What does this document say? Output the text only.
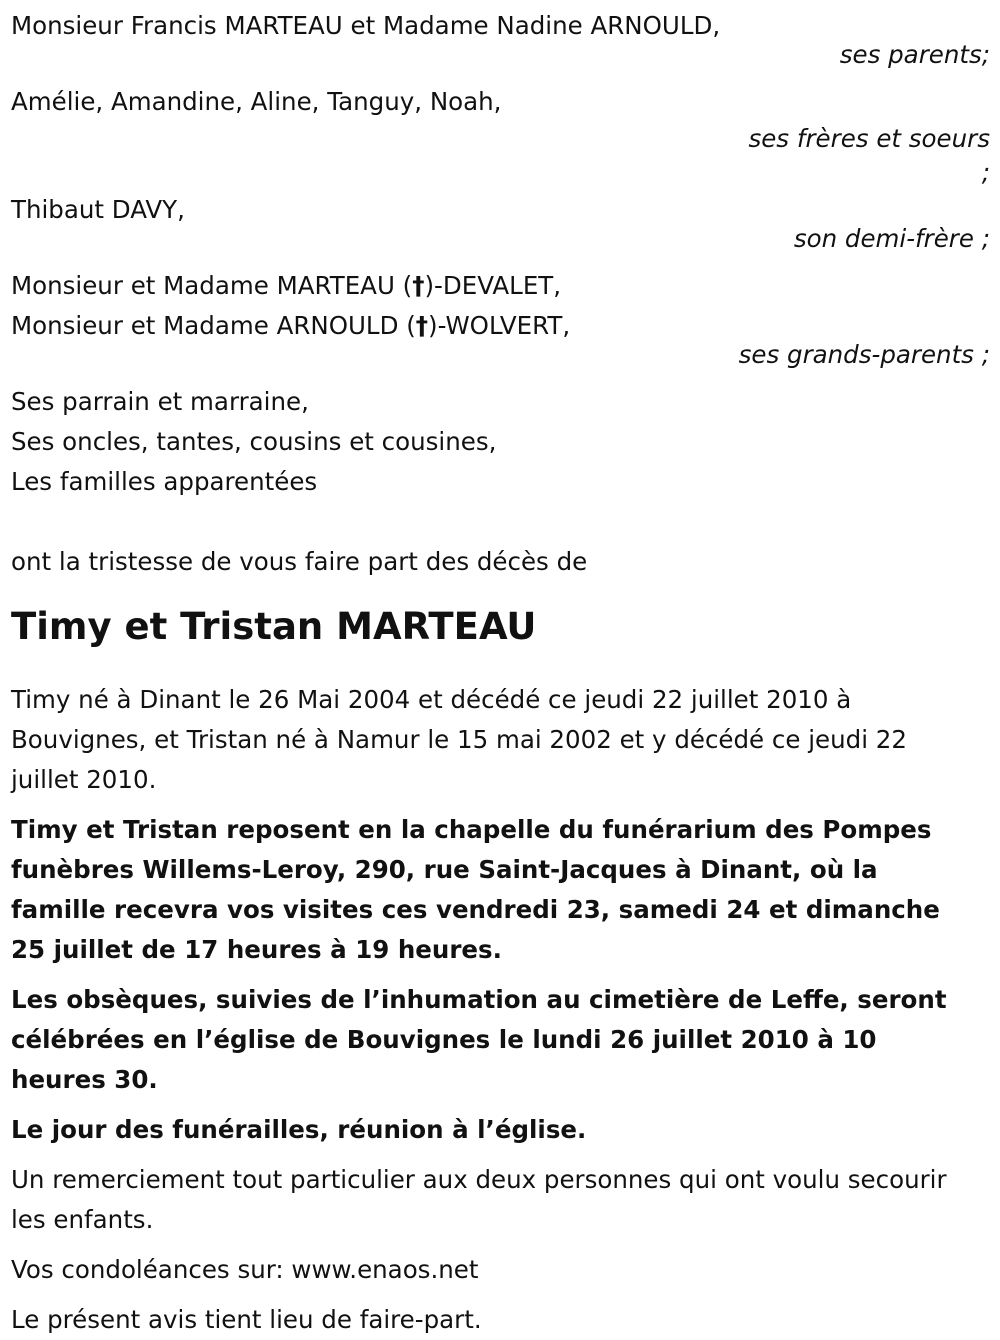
Monsieur Francis MARTEAU et Madame Nadine ARNOULD,
ses parents;
Amélie, Amandine, Aline, Tanguy, Noah,
ses frères et soeurs
;
Thibaut DAVY,
son demi-frère ;
Monsieur et Madame MARTEAU (†)-DEVALET,
Monsieur et Madame ARNOULD (†)-WOLVERT,
ses grands-parents ;
Ses parrain et marraine,
Ses oncles, tantes, cousins et cousines,
Les familles apparentées
ont la tristesse de vous faire part des décès de
Timy et Tristan MARTEAU

Timy né à Dinant le 26 Mai 2004 et décédé ce jeudi 22 juillet 2010 à Bouvignes, et Tristan né à Namur le 15 mai 2002 et y décédé ce jeudi 22 juillet 2010.

Timy et Tristan reposent en la chapelle du funérarium des Pompes funèbres Willems-Leroy, 290, rue Saint-Jacques à Dinant, où la famille recevra vos visites ces vendredi 23, samedi 24 et dimanche 25 juillet de 17 heures à 19 heures.

Les obsèques, suivies de l’inhumation au cimetière de Leffe, seront célébrées en l’église de Bouvignes le lundi 26 juillet 2010 à 10 heures 30.

Le jour des funérailles, réunion à l’église.

Un remerciement tout particulier aux deux personnes qui ont voulu secourir les enfants.

Vos condoléances sur: www.enaos.net

Le présent avis tient lieu de faire-part.
